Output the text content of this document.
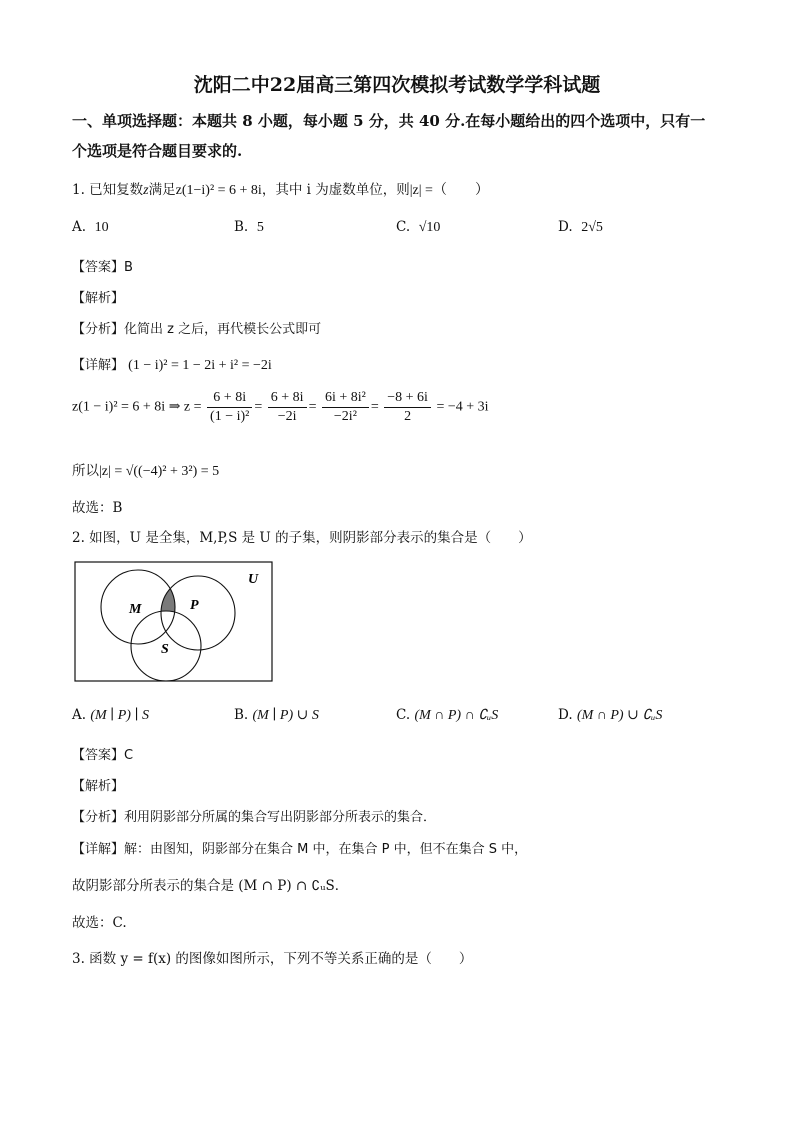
沈阳二中22届高三第四次模拟考试数学学科试题
一、单项选择题：本题共 8 小题，每小题 5 分，共 40 分.在每小题给出的四个选项中，只有一
个选项是符合题目要求的.
1. 已知复数z满足z(1−i)² = 6 + 8i，其中 i 为虚数单位，则|z| =（　　）
A. 10	B. 5	C. √10	D. 2√5
【答案】B
【解析】
【分析】化简出 z 之后，再代模长公式即可
【详解】 (1 − i)² = 1 − 2i + i² = −2i
z(1 − i)² = 6 + 8i ⇒ $z = \frac{6 + 8i}{\text{(1 − i)²}} = \frac{6 + 8i}{-2i} = \frac{\text{6i + 8i²}}{\text{−2i²}} = \frac{-8 + 6i}{2} = -4 + 3i$
所以|z| = √((−4)² + 3²) = 5
故选：B
2. 如图，U 是全集，M,P,S 是 U 的子集，则阴影部分表示的集合是（　　）
U
M	P
S
A. (M ∣ P) ∣ S	B. (M ∣ P) ∪ S	C. (M ∩ P) ∩ ∁ᵤS	D. (M ∩ P) ∪ ∁ᵤS
【答案】C
【解析】
【分析】利用阴影部分所属的集合写出阴影部分所表示的集合．
【详解】解：由图知，阴影部分在集合 M 中，在集合 P 中，但不在集合 S 中，
故阴影部分所表示的集合是 (M ∩ P) ∩ ∁ᵤS．
故选：C.
3. 函数 y = f(x) 的图像如图所示，下列不等关系正确的是（　　）
